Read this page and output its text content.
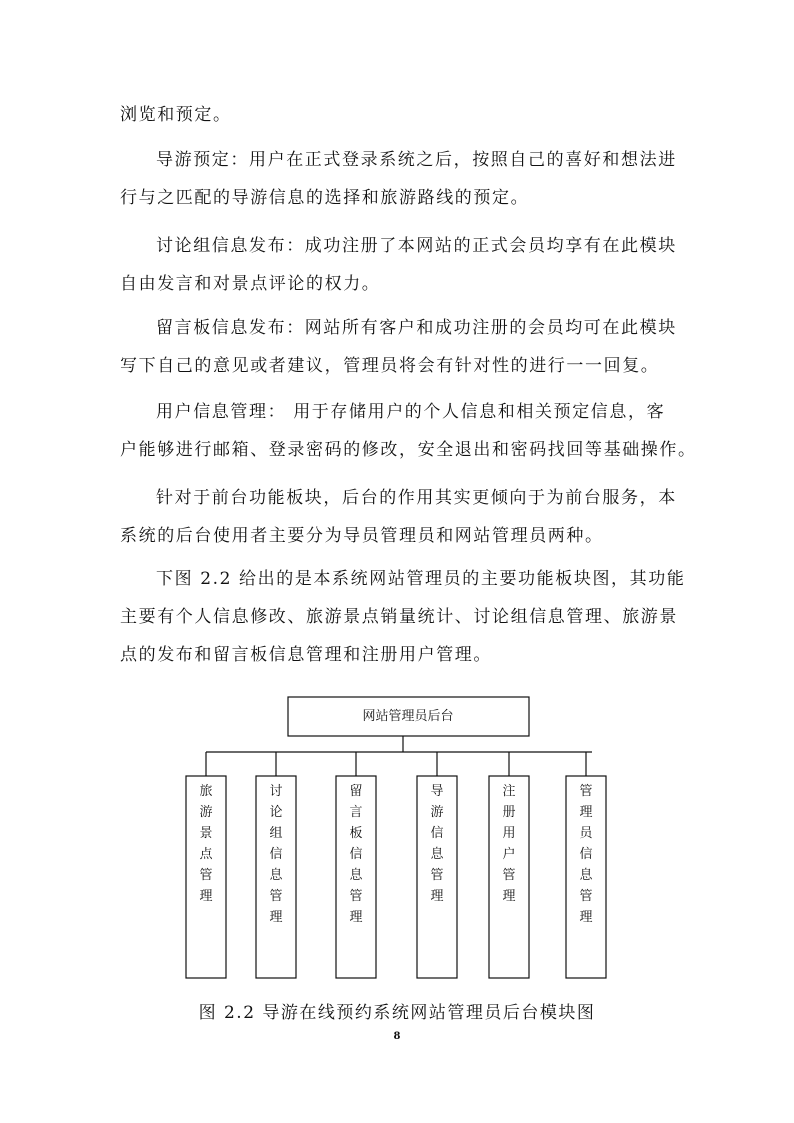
浏览和预定。

导游预定：用户在正式登录系统之后，按照自己的喜好和想法进
行与之匹配的导游信息的选择和旅游路线的预定。

讨论组信息发布：成功注册了本网站的正式会员均享有在此模块
自由发言和对景点评论的权力。

留言板信息发布：网站所有客户和成功注册的会员均可在此模块
写下自己的意见或者建议，管理员将会有针对性的进行一一回复。

用户信息管理： 用于存储用户的个人信息和相关预定信息，客
户能够进行邮箱、登录密码的修改，安全退出和密码找回等基础操作。

针对于前台功能板块，后台的作用其实更倾向于为前台服务，本
系统的后台使用者主要分为导员管理员和网站管理员两种。

下图 2.2 给出的是本系统网站管理员的主要功能板块图，其功能
主要有个人信息修改、旅游景点销量统计、讨论组信息管理、旅游景
点的发布和留言板信息管理和注册用户管理。

网站管理员后台
旅游景点管理
讨论组信息管理
留言板信息管理
导游信息管理
注册用户管理
管理员信息管理
图 2.2 导游在线预约系统网站管理员后台模块图
8
